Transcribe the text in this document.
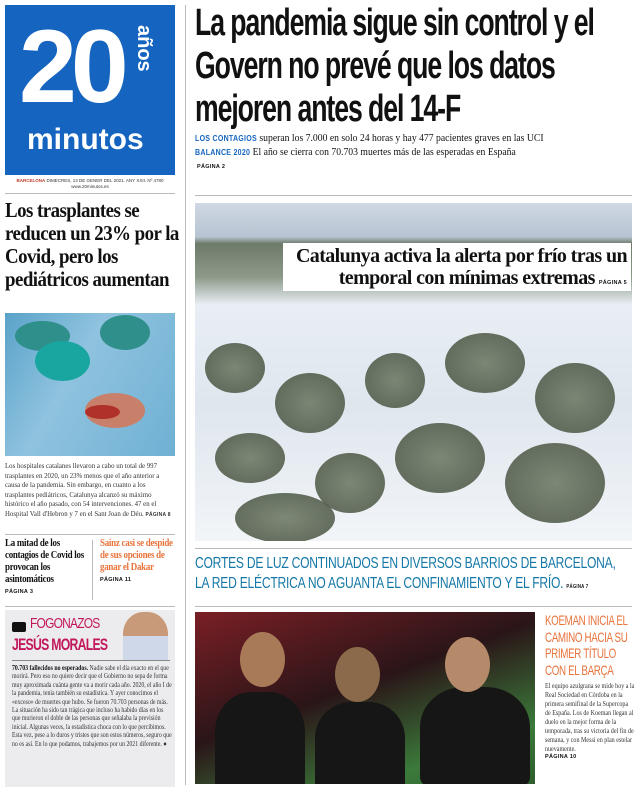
20 años
minutos
BARCELONA DIMECRES, 13 DE GENER DEL 2021. ANY XXII. Nº 4780
www.20minutos.es
La pandemia sigue sin control y el Govern no prevé que los datos mejoren antes del 14-F
LOS CONTAGIOS superan los 7.000 en solo 24 horas y hay 477 pacientes graves en las UCI
BALANCE 2020 El año se cierra con 70.703 muertes más de las esperadas en España
PÁGINA 2
Catalunya activa la alerta por frío tras un temporal con mínimas extremas PÁGINA 5
CORTES DE LUZ CONTINUADOS EN DIVERSOS BARRIOS DE BARCELONA, LA RED ELÉCTRICA NO AGUANTA EL CONFINAMIENTO Y EL FRÍO. PÁGINA 7
KOEMAN INICIA EL CAMINO HACIA SU PRIMER TÍTULO CON EL BARÇA
El equipo azulgrana se mide hoy a la Real Sociedad en Córdoba en la primera semifinal de la Supercopa de España. Los de Koeman llegan al duelo en la mejor forma de la temporada, tras su victoria del fin de semana, y con Messi en plan estelar nuevamente.
PÁGINA 10
Los trasplantes se reducen un 23% por la Covid, pero los pediátricos aumentan
Los hospitales catalanes llevaron a cabo un total de 997 trasplantes en 2020, un 23% menos que el año anterior a causa de la pandemia. Sin embargo, en cuanto a los trasplantes pediátricos, Catalunya alcanzó su máximo histórico el año pasado, con 54 intervenciones. 47 en el Hospital Vall d'Hebron y 7 en el Sant Joan de Déu. PÁGINA 8
La mitad de los contagios de Covid los provocan los asintomáticos
PÁGINA 3
Sainz casi se despide de sus opciones de ganar el Dakar
PÁGINA 11
FOGONAZOS
JESÚS MORALES
70.703 fallecidos no esperados. Nadie sabe el día exacto en el que morirá. Pero eso no quiere decir que el Gobierno no sepa de forma muy aproximada cuánta gente va a morir cada año. 2020, el año I de la pandemia, tenía también su estadística. Y ayer conocimos el «exceso» de muertes que hubo. Se fueron 70.703 personas de más. La situación ha sido tan trágica que incluso ha habido días en los que murieron el doble de las personas que señalaba la previsión inicial. Algunas veces, la estadística choca con lo que percibimos. Esta vez, pese a lo duros y tristes que son estos números, seguro que no es así. En lo que podamos, trabajemos por un 2021 diferente. ●
